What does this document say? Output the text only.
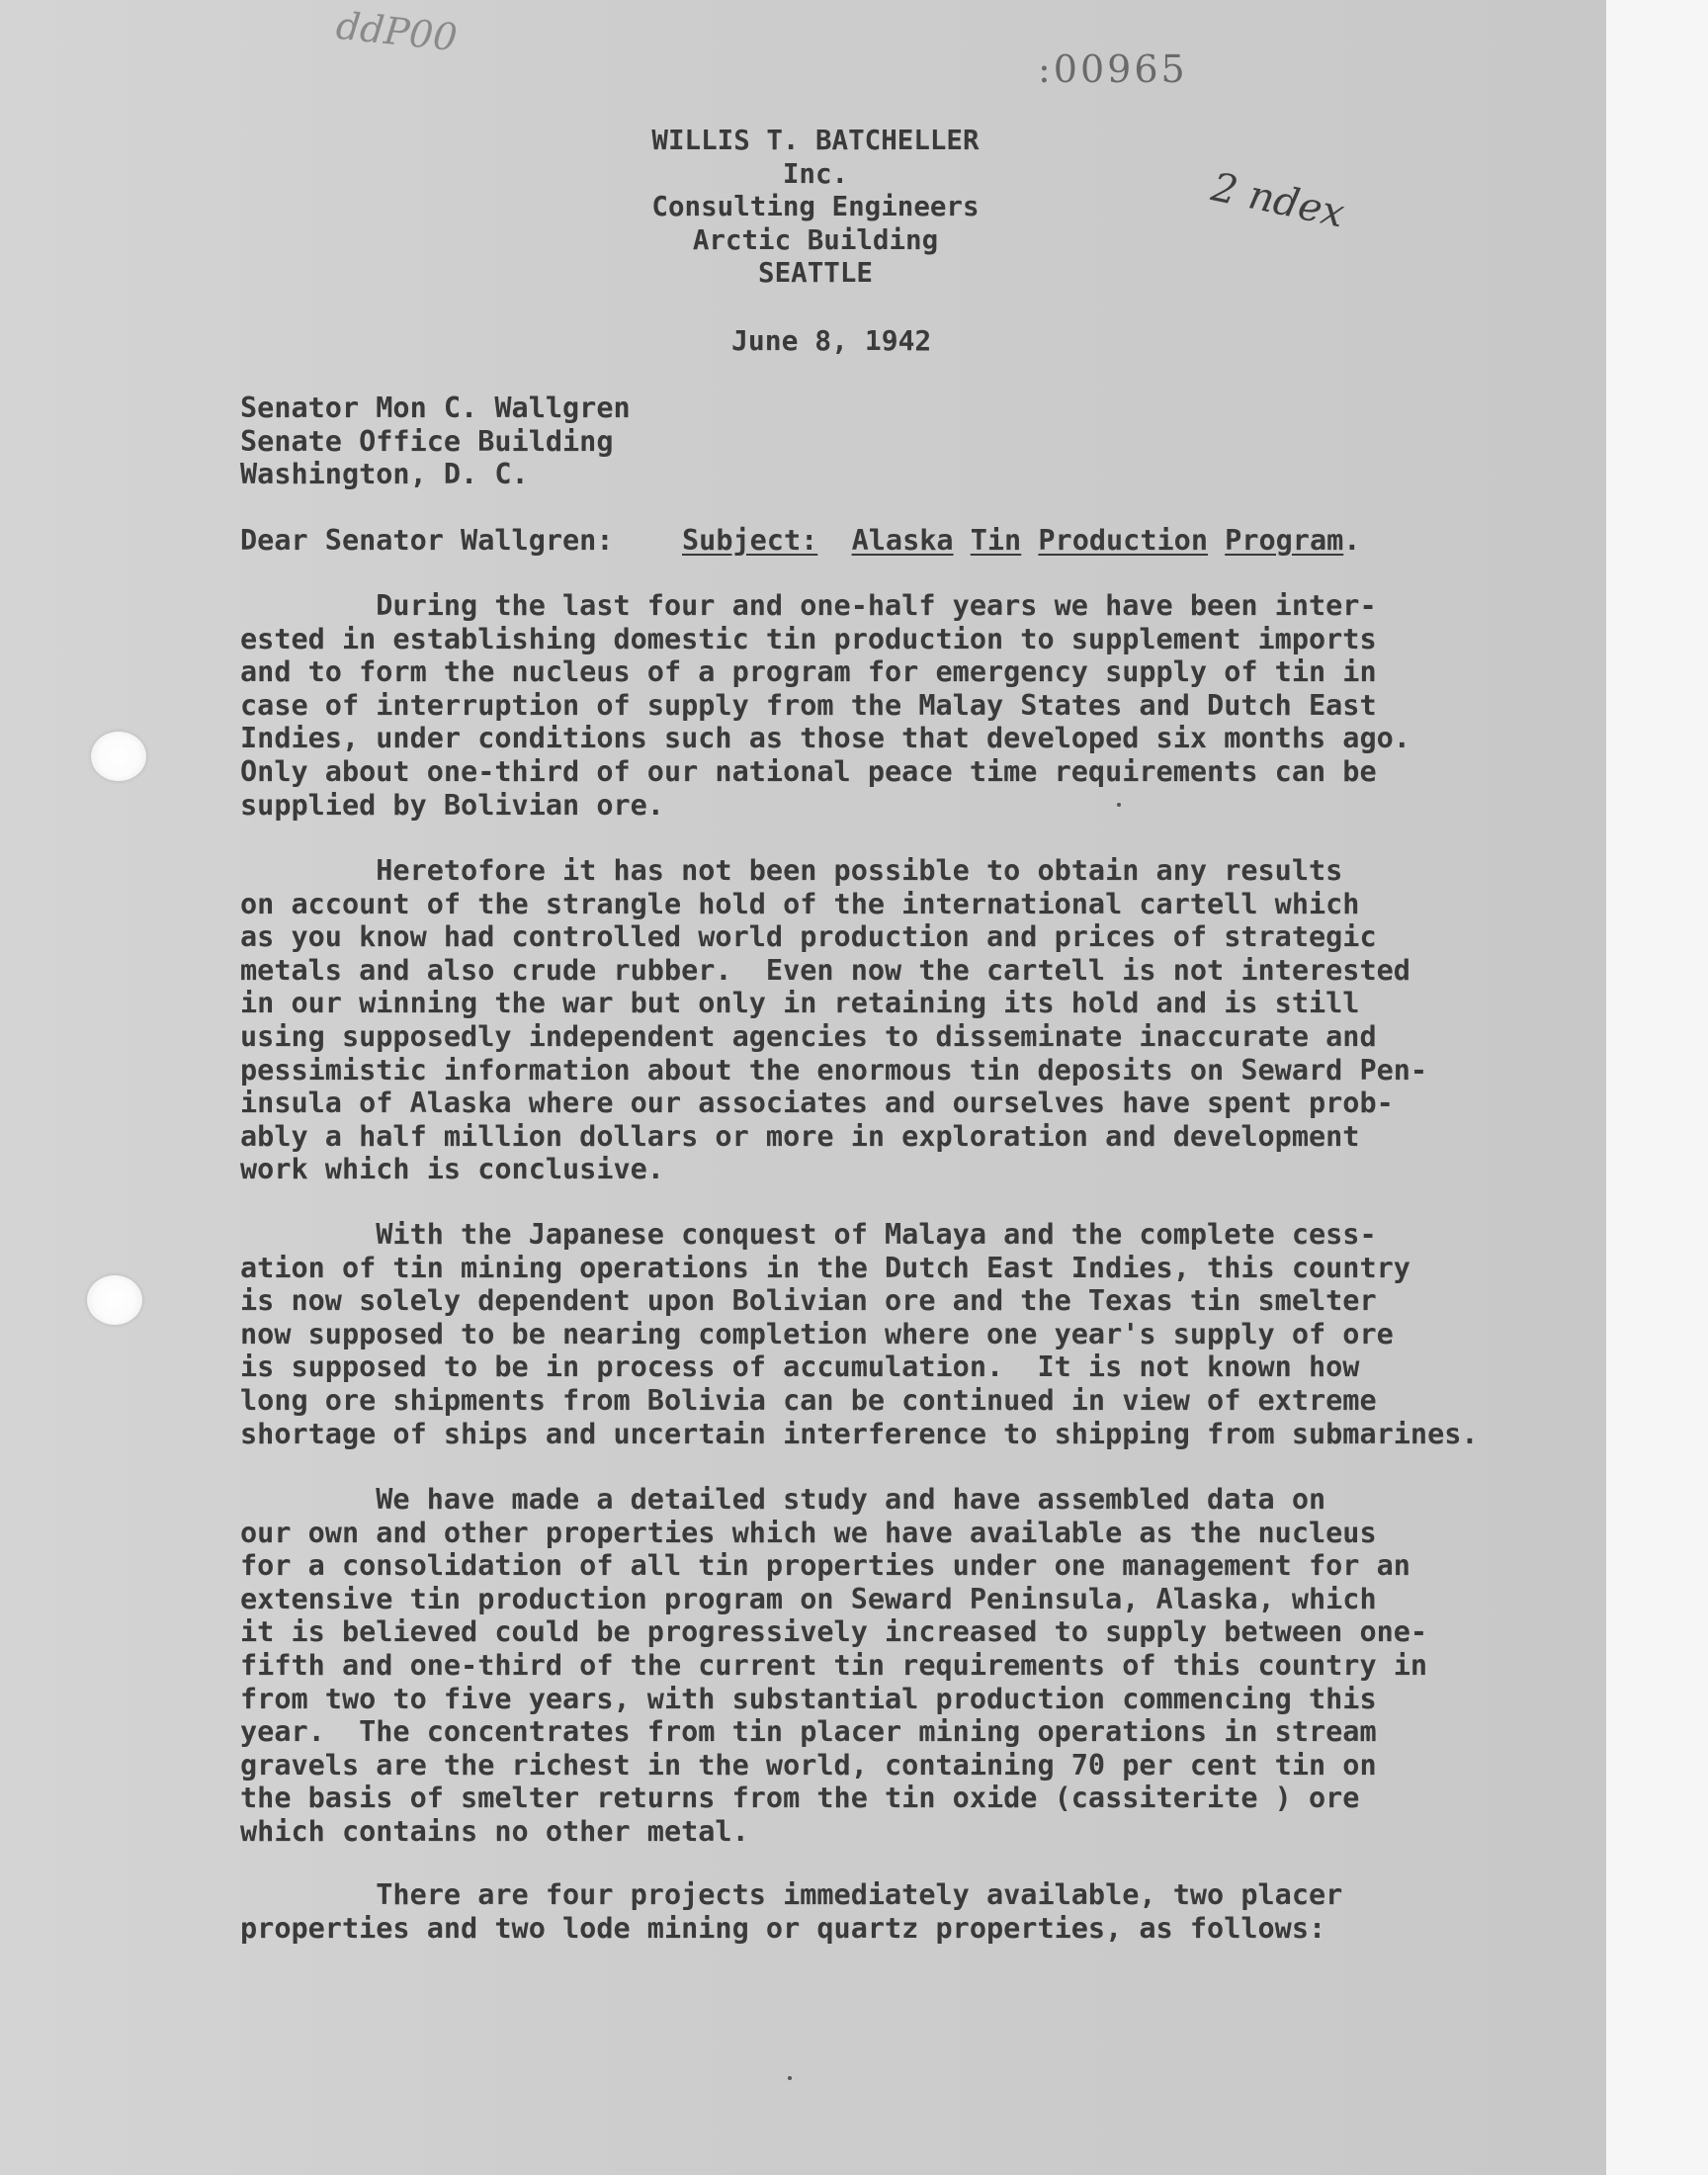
ddP00
:00965
2 ndex
WILLIS T. BATCHELLER
Inc.
Consulting Engineers
Arctic Building
SEATTLE
June 8, 1942
Senator Mon C. Wallgren
Senate Office Building
Washington, D. C.
Dear Senator Wallgren: Subject: Alaska Tin Production Program.
During the last four and one-half years we have been inter-
ested in establishing domestic tin production to supplement imports
and to form the nucleus of a program for emergency supply of tin in
case of interruption of supply from the Malay States and Dutch East
Indies, under conditions such as those that developed six months ago.
Only about one-third of our national peace time requirements can be
supplied by Bolivian ore.
Heretofore it has not been possible to obtain any results
on account of the strangle hold of the international cartell which
as you know had controlled world production and prices of strategic
metals and also crude rubber.  Even now the cartell is not interested
in our winning the war but only in retaining its hold and is still
using supposedly independent agencies to disseminate inaccurate and
pessimistic information about the enormous tin deposits on Seward Pen-
insula of Alaska where our associates and ourselves have spent prob-
ably a half million dollars or more in exploration and development
work which is conclusive.
With the Japanese conquest of Malaya and the complete cess-
ation of tin mining operations in the Dutch East Indies, this country
is now solely dependent upon Bolivian ore and the Texas tin smelter
now supposed to be nearing completion where one year's supply of ore
is supposed to be in process of accumulation.  It is not known how
long ore shipments from Bolivia can be continued in view of extreme
shortage of ships and uncertain interference to shipping from submarines.
We have made a detailed study and have assembled data on
our own and other properties which we have available as the nucleus
for a consolidation of all tin properties under one management for an
extensive tin production program on Seward Peninsula, Alaska, which
it is believed could be progressively increased to supply between one-
fifth and one-third of the current tin requirements of this country in
from two to five years, with substantial production commencing this
year.  The concentrates from tin placer mining operations in stream
gravels are the richest in the world, containing 70 per cent tin on
the basis of smelter returns from the tin oxide (cassiterite ) ore
which contains no other metal.
There are four projects immediately available, two placer
properties and two lode mining or quartz properties, as follows:
